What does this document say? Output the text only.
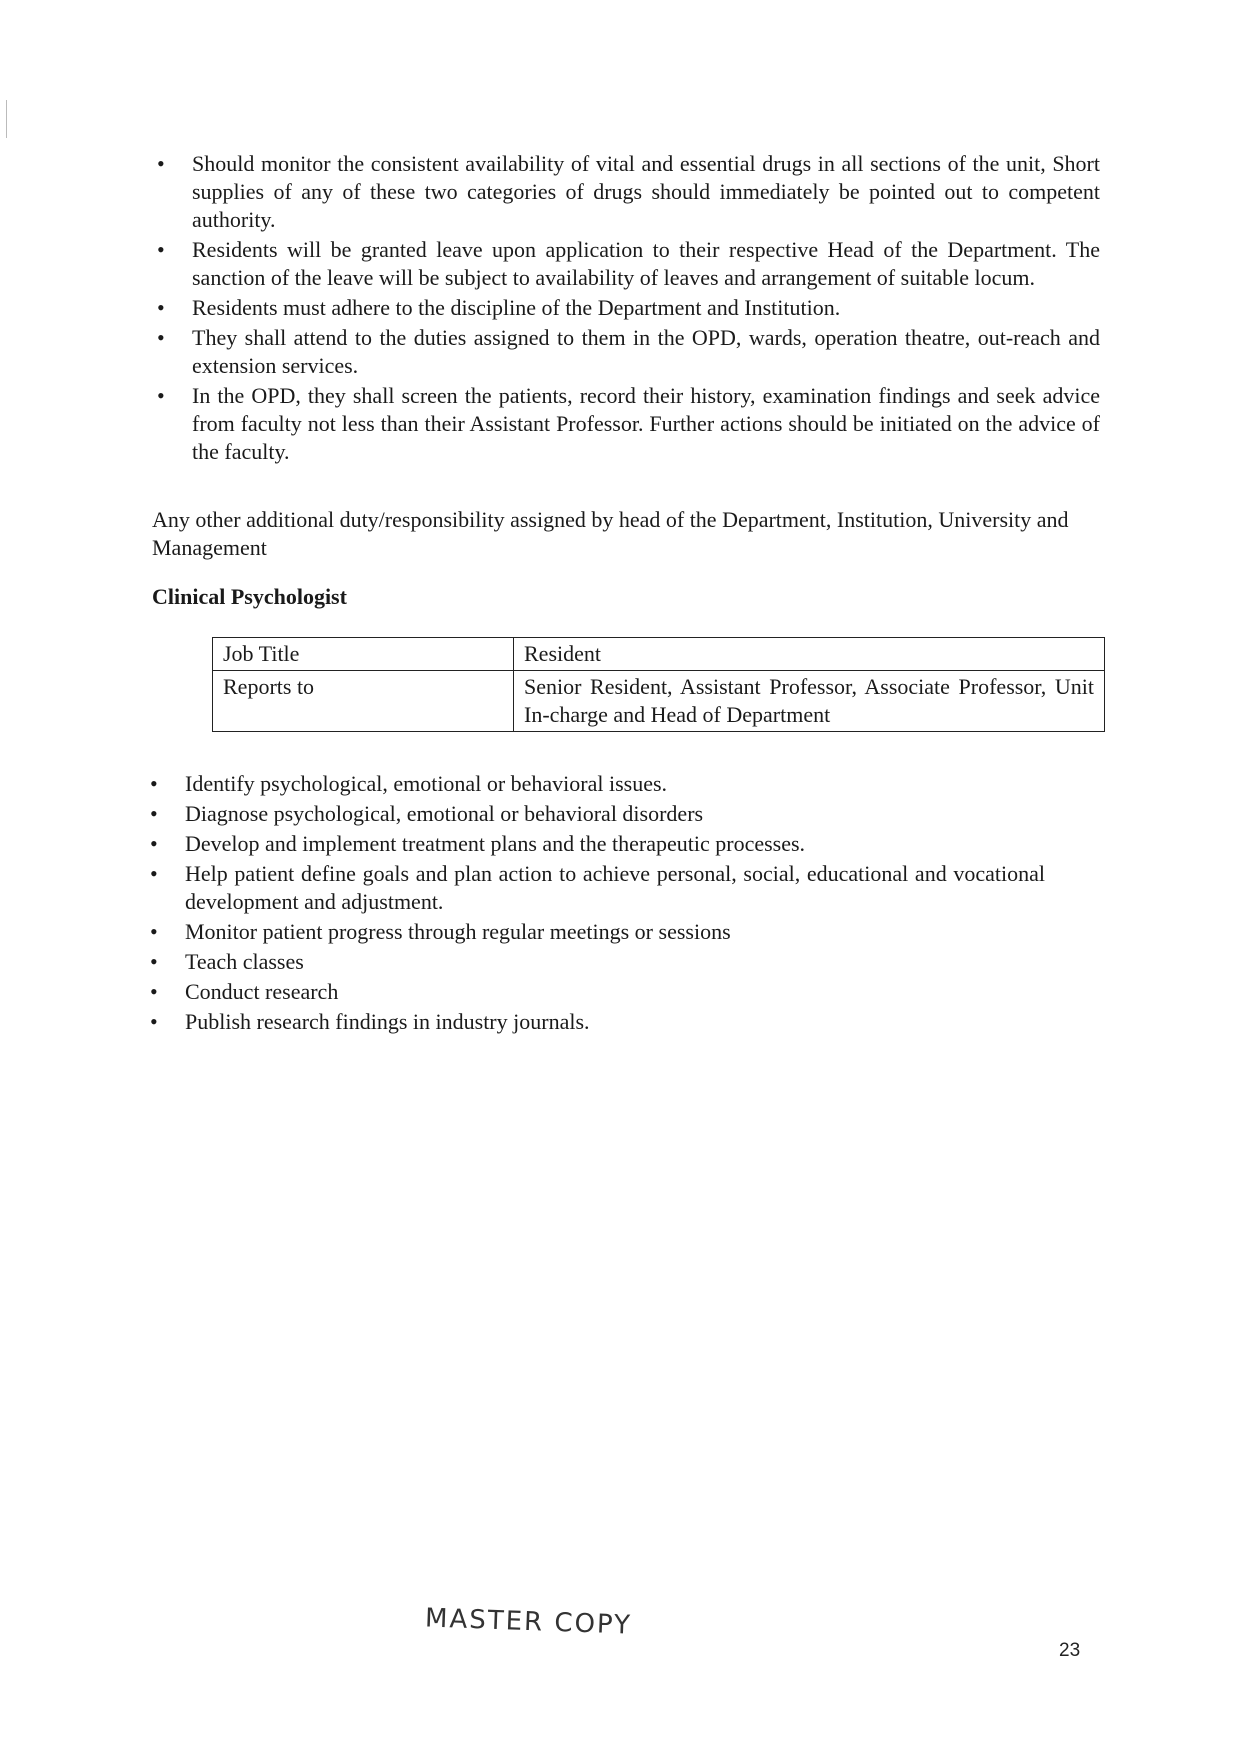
• Should monitor the consistent availability of vital and essential drugs in all sections of the unit, Short supplies of any of these two categories of drugs should immediately be pointed out to competent authority.
• Residents will be granted leave upon application to their respective Head of the Department. The sanction of the leave will be subject to availability of leaves and arrangement of suitable locum.
• Residents must adhere to the discipline of the Department and Institution.
• They shall attend to the duties assigned to them in the OPD, wards, operation theatre, out-reach and extension services.
• In the OPD, they shall screen the patients, record their history, examination findings and seek advice from faculty not less than their Assistant Professor. Further actions should be initiated on the advice of the faculty.
Any other additional duty/responsibility assigned by head of the Department, Institution, University and Management
Clinical Psychologist
Job Title	Resident
Reports to	Senior Resident, Assistant Professor, Associate Professor, Unit In-charge and Head of Department
• Identify psychological, emotional or behavioral issues.
• Diagnose psychological, emotional or behavioral disorders
• Develop and implement treatment plans and the therapeutic processes.
• Help patient define goals and plan action to achieve personal, social, educational and vocational development and adjustment.
• Monitor patient progress through regular meetings or sessions
• Teach classes
• Conduct research
• Publish research findings in industry journals.
MASTER COPY
23
